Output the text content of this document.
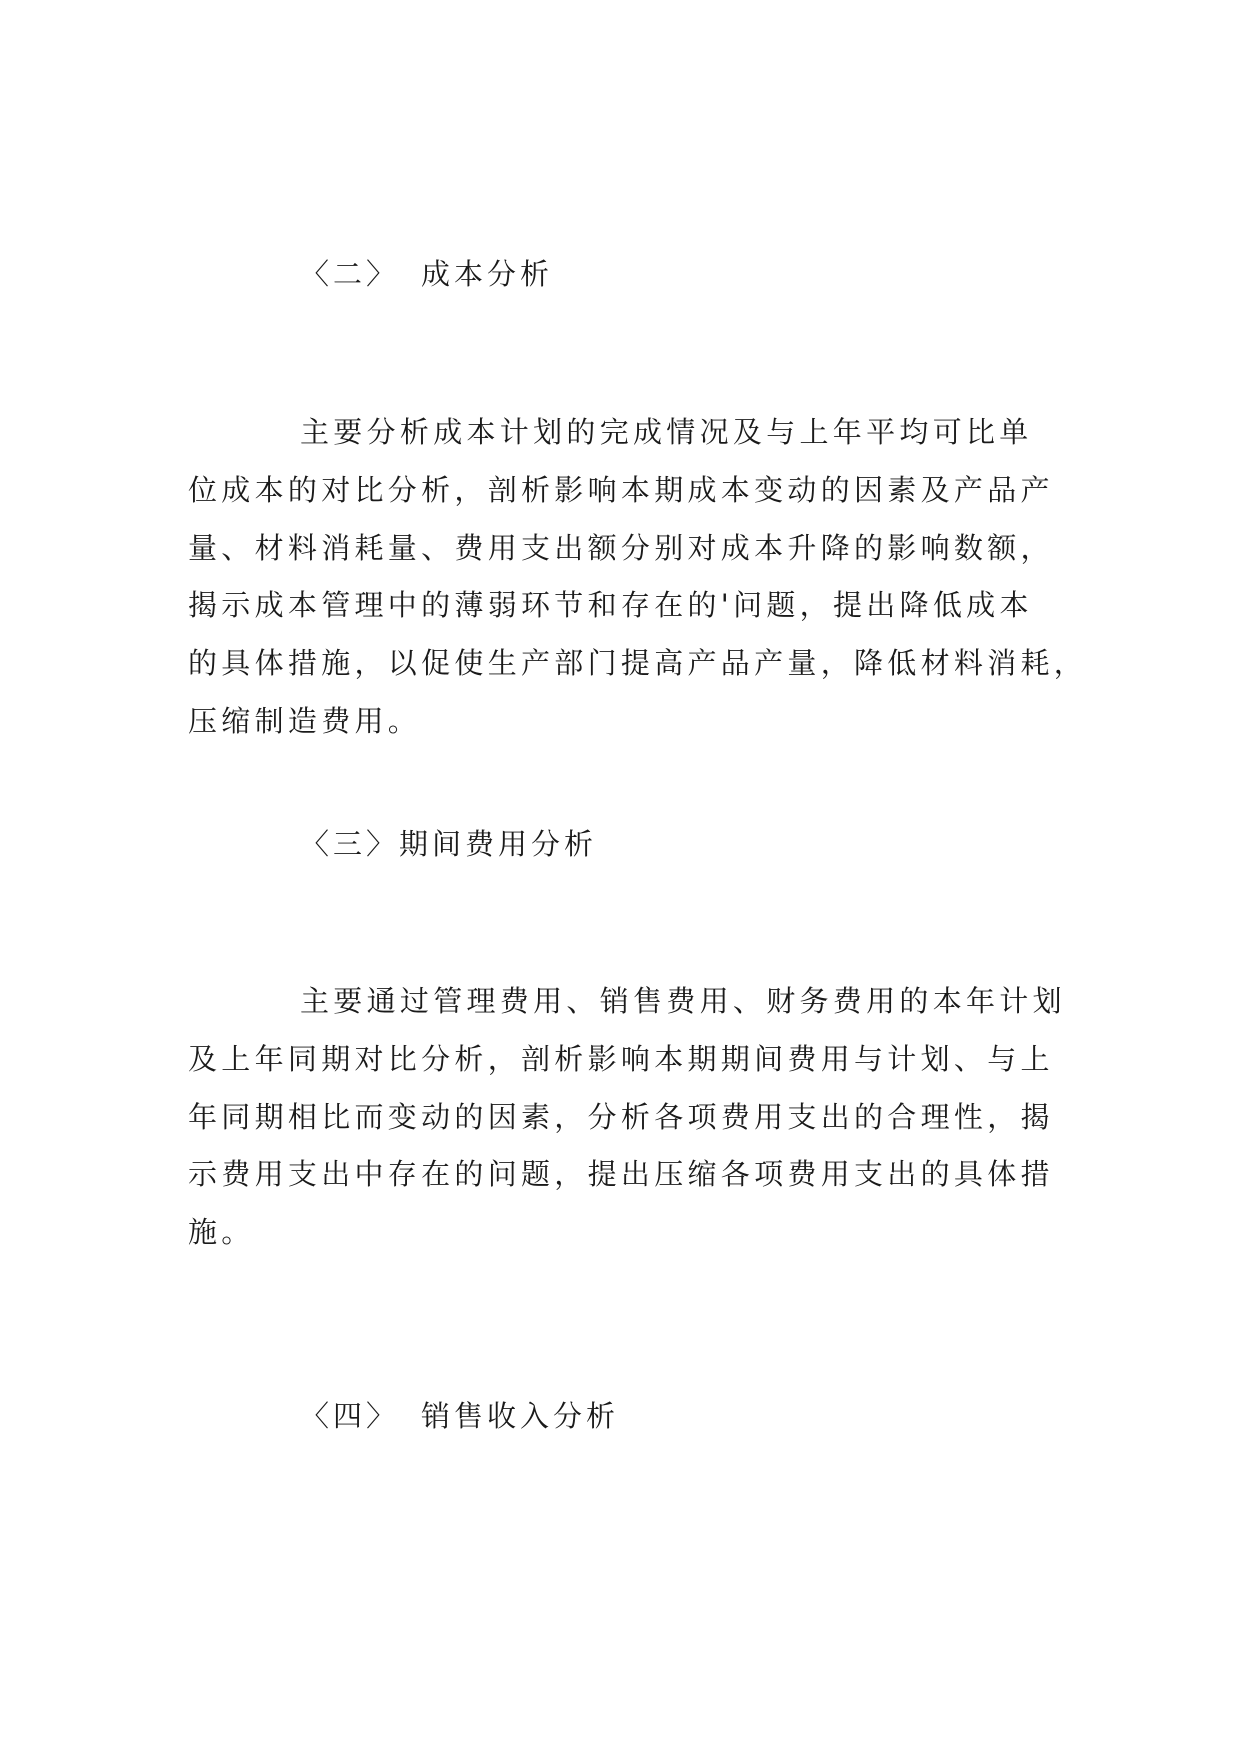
〈二〉 成本分析
主要分析成本计划的完成情况及与上年平均可比单
位成本的对比分析，剖析影响本期成本变动的因素及产品产
量、材料消耗量、费用支出额分别对成本升降的影响数额，
揭示成本管理中的薄弱环节和存在的'问题，提出降低成本
的具体措施，以促使生产部门提高产品产量，降低材料消耗，
压缩制造费用。
〈三〉期间费用分析
主要通过管理费用、销售费用、财务费用的本年计划
及上年同期对比分析，剖析影响本期期间费用与计划、与上
年同期相比而变动的因素，分析各项费用支出的合理性，揭
示费用支出中存在的问题，提出压缩各项费用支出的具体措
施。
〈四〉 销售收入分析
